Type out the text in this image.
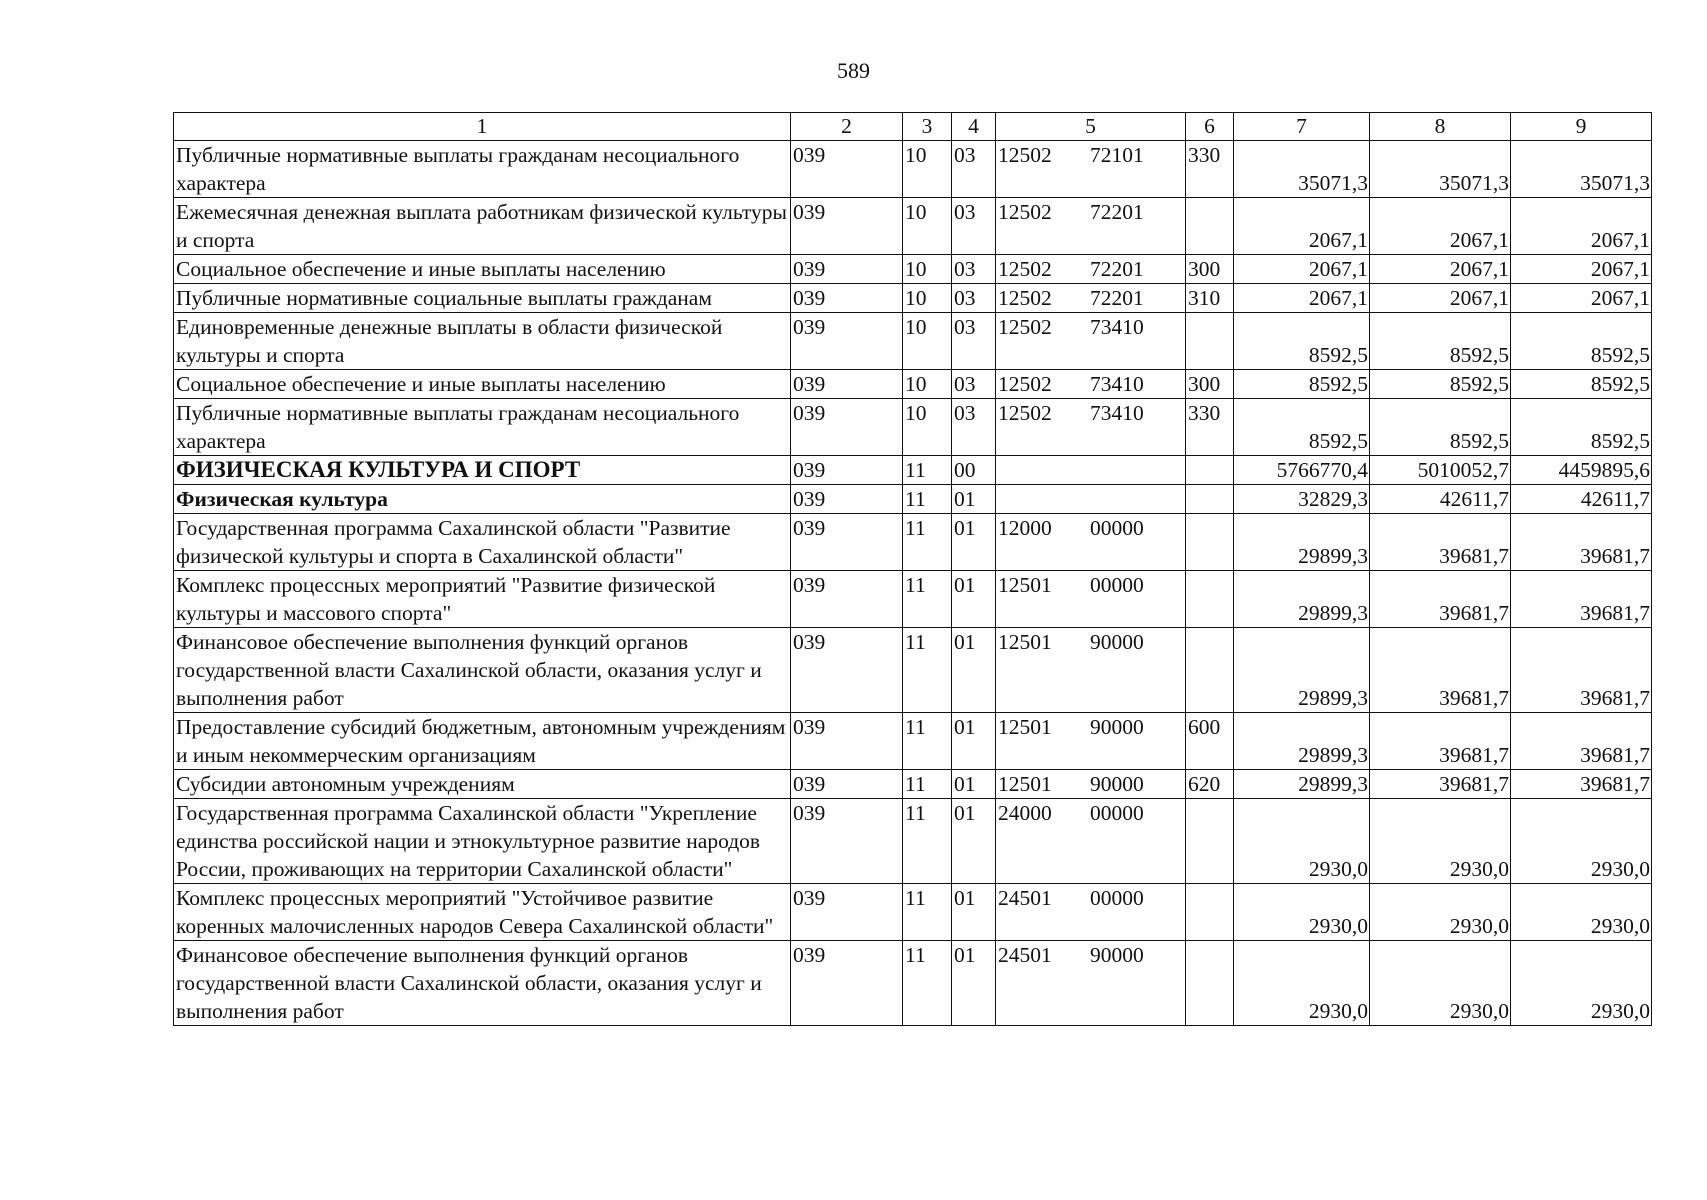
589
1	2	3	4	5	6	7	8	9
Публичные нормативные выплаты гражданам несоциального характера	039	10	03	12502 72101	330	35071,3	35071,3	35071,3
Ежемесячная денежная выплата работникам физической культуры и спорта	039	10	03	12502 72201		2067,1	2067,1	2067,1
Социальное обеспечение и иные выплаты населению	039	10	03	12502 72201	300	2067,1	2067,1	2067,1
Публичные нормативные социальные выплаты гражданам	039	10	03	12502 72201	310	2067,1	2067,1	2067,1
Единовременные денежные выплаты в области физической культуры и спорта	039	10	03	12502 73410		8592,5	8592,5	8592,5
Социальное обеспечение и иные выплаты населению	039	10	03	12502 73410	300	8592,5	8592,5	8592,5
Публичные нормативные выплаты гражданам несоциального характера	039	10	03	12502 73410	330	8592,5	8592,5	8592,5
ФИЗИЧЕСКАЯ КУЛЬТУРА И СПОРТ	039	11	00			5766770,4	5010052,7	4459895,6
Физическая культура	039	11	01			32829,3	42611,7	42611,7
Государственная программа Сахалинской области "Развитие физической культуры и спорта в Сахалинской области"	039	11	01	12000 00000		29899,3	39681,7	39681,7
Комплекс процессных мероприятий "Развитие физической культуры и массового спорта"	039	11	01	12501 00000		29899,3	39681,7	39681,7
Финансовое обеспечение выполнения функций органов государственной власти Сахалинской области, оказания услуг и выполнения работ	039	11	01	12501 90000		29899,3	39681,7	39681,7
Предоставление субсидий бюджетным, автономным учреждениям и иным некоммерческим организациям	039	11	01	12501 90000	600	29899,3	39681,7	39681,7
Субсидии автономным учреждениям	039	11	01	12501 90000	620	29899,3	39681,7	39681,7
Государственная программа Сахалинской области "Укрепление единства российской нации и этнокультурное развитие народов России, проживающих на территории Сахалинской области"	039	11	01	24000 00000		2930,0	2930,0	2930,0
Комплекс процессных мероприятий "Устойчивое развитие коренных малочисленных народов Севера Сахалинской области"	039	11	01	24501 00000		2930,0	2930,0	2930,0
Финансовое обеспечение выполнения функций органов государственной власти Сахалинской области, оказания услуг и выполнения работ	039	11	01	24501 90000		2930,0	2930,0	2930,0
